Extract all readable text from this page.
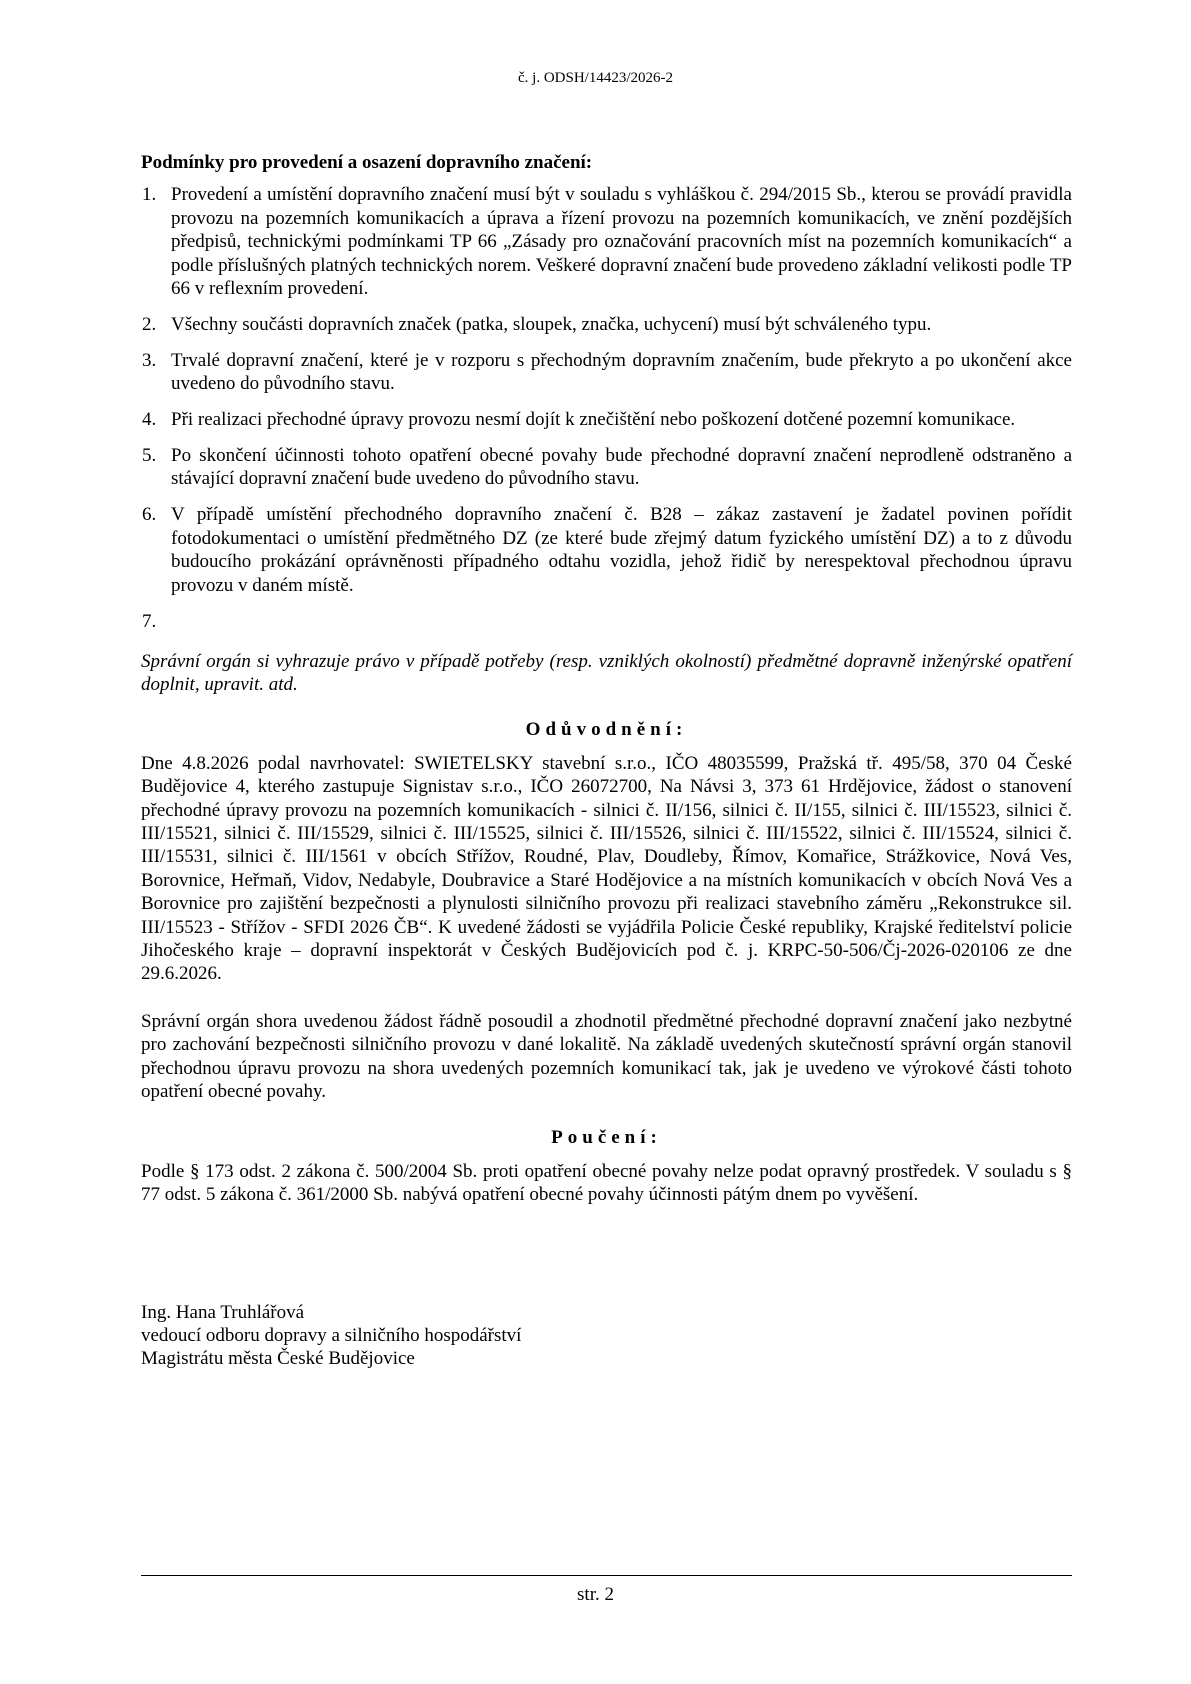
č. j. ODSH/14423/2026-2

Podmínky pro provedení a osazení dopravního značení:

1. Provedení a umístění dopravního značení musí být v souladu s vyhláškou č. 294/2015 Sb., kterou se provádí pravidla provozu na pozemních komunikacích a úprava a řízení provozu na pozemních komunikacích, ve znění pozdějších předpisů, technickými podmínkami TP 66 „Zásady pro označování pracovních míst na pozemních komunikacích“ a podle příslušných platných technických norem. Veškeré dopravní značení bude provedeno základní velikosti podle TP 66 v reflexním provedení.
2. Všechny součásti dopravních značek (patka, sloupek, značka, uchycení) musí být schváleného typu.
3. Trvalé dopravní značení, které je v rozporu s přechodným dopravním značením, bude překryto a po ukončení akce uvedeno do původního stavu.
4. Při realizaci přechodné úpravy provozu nesmí dojít k znečištění nebo poškození dotčené pozemní komunikace.
5. Po skončení účinnosti tohoto opatření obecné povahy bude přechodné dopravní značení neprodleně odstraněno a stávající dopravní značení bude uvedeno do původního stavu.
6. V případě umístění přechodného dopravního značení č. B28 – zákaz zastavení je žadatel povinen pořídit fotodokumentaci o umístění předmětného DZ (ze které bude zřejmý datum fyzického umístění DZ) a to z důvodu budoucího prokázání oprávněnosti případného odtahu vozidla, jehož řidič by nerespektoval přechodnou úpravu provozu v daném místě.
7.

Správní orgán si vyhrazuje právo v případě potřeby (resp. vzniklých okolností) předmětné dopravně inženýrské opatření doplnit, upravit. atd.

Odůvodnění:

Dne 4.8.2026 podal navrhovatel: SWIETELSKY stavební s.r.o., IČO 48035599, Pražská tř. 495/58, 370 04 České Budějovice 4, kterého zastupuje Signistav s.r.o., IČO 26072700, Na Návsi 3, 373 61 Hrdějovice, žádost o stanovení přechodné úpravy provozu na pozemních komunikacích - silnici č. II/156, silnici č. II/155, silnici č. III/15523, silnici č. III/15521, silnici č. III/15529, silnici č. III/15525, silnici č. III/15526, silnici č. III/15522, silnici č. III/15524, silnici č. III/15531, silnici č. III/1561 v obcích Střížov, Roudné, Plav, Doudleby, Římov, Komařice, Strážkovice, Nová Ves, Borovnice, Heřmaň, Vidov, Nedabyle, Doubravice a Staré Hodějovice a na místních komunikacích v obcích Nová Ves a Borovnice pro zajištění bezpečnosti a plynulosti silničního provozu při realizaci stavebního záměru „Rekonstrukce sil. III/15523 - Střížov - SFDI 2026 ČB“. K uvedené žádosti se vyjádřila Policie České republiky, Krajské ředitelství policie Jihočeského kraje – dopravní inspektorát v Českých Budějovicích pod č. j. KRPC-50-506/Čj-2026-020106 ze dne 29.6.2026.

Správní orgán shora uvedenou žádost řádně posoudil a zhodnotil předmětné přechodné dopravní značení jako nezbytné pro zachování bezpečnosti silničního provozu v dané lokalitě. Na základě uvedených skutečností správní orgán stanovil přechodnou úpravu provozu na shora uvedených pozemních komunikací tak, jak je uvedeno ve výrokové části tohoto opatření obecné povahy.

Poučení:

Podle § 173 odst. 2 zákona č. 500/2004 Sb. proti opatření obecné povahy nelze podat opravný prostředek. V souladu s § 77 odst. 5 zákona č. 361/2000 Sb. nabývá opatření obecné povahy účinnosti pátým dnem po vyvěšení.

Ing. Hana Truhlářová

vedoucí odboru dopravy a silničního hospodářství

Magistrátu města České Budějovice

str. 2
